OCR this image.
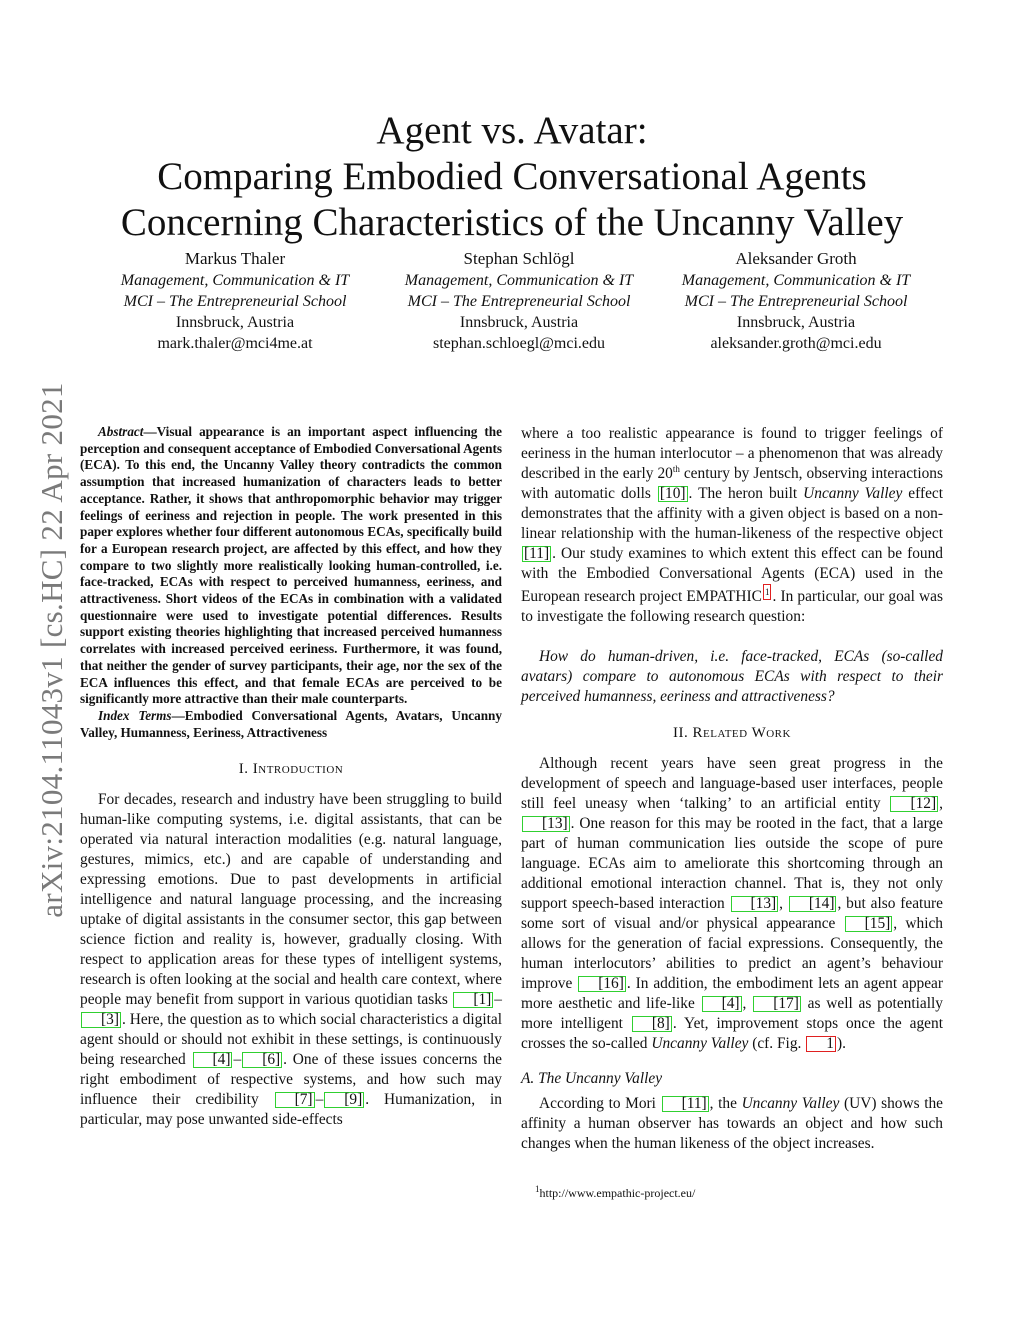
arXiv:2104.11043v1 [cs.HC] 22 Apr 2021
Agent vs. Avatar:
Comparing Embodied Conversational Agents
Concerning Characteristics of the Uncanny Valley
Markus Thaler
Management, Communication & IT
MCI – The Entrepreneurial School
Innsbruck, Austria
mark.thaler@mci4me.at
Stephan Schlögl
Management, Communication & IT
MCI – The Entrepreneurial School
Innsbruck, Austria
stephan.schloegl@mci.edu
Aleksander Groth
Management, Communication & IT
MCI – The Entrepreneurial School
Innsbruck, Austria
aleksander.groth@mci.edu

Abstract—Visual appearance is an important aspect influencing the perception and consequent acceptance of Embodied Conversational Agents (ECA). To this end, the Uncanny Valley theory contradicts the common assumption that increased humanization of characters leads to better acceptance. Rather, it shows that anthropomorphic behavior may trigger feelings of eeriness and rejection in people. The work presented in this paper explores whether four different autonomous ECAs, specifically build for a European research project, are affected by this effect, and how they compare to two slightly more realistically looking human-controlled, i.e. face-tracked, ECAs with respect to perceived humanness, eeriness, and attractiveness. Short videos of the ECAs in combination with a validated questionnaire were used to investigate potential differences. Results support existing theories highlighting that increased perceived humanness correlates with increased perceived eeriness. Furthermore, it was found, that neither the gender of survey participants, their age, nor the sex of the ECA influences this effect, and that female ECAs are perceived to be significantly more attractive than their male counterparts.

Index Terms—Embodied Conversational Agents, Avatars, Uncanny Valley, Humanness, Eeriness, Attractiveness

I. Introduction

For decades, research and industry have been struggling to build human-like computing systems, i.e. digital assistants, that can be operated via natural interaction modalities (e.g. natural language, gestures, mimics, etc.) and are capable of understanding and expressing emotions. Due to past developments in artificial intelligence and natural language processing, and the increasing uptake of digital assistants in the consumer sector, this gap between science fiction and reality is, however, gradually closing. With respect to application areas for these types of intelligent systems, research is often looking at the social and health care context, where people may benefit from support in various quotidian tasks [1] –[3] . Here, the question as to which social characteristics a digital agent should or should not exhibit in these settings, is continuously being researched [4] – [6] . One of these issues concerns the right embodiment of respective systems, and how such may influence their credibility [7] – [9] . Humanization, in particular, may pose unwanted side-effects

where a too realistic appearance is found to trigger feelings of eeriness in the human interlocutor – a phenomenon that was already described in the early 20th century by Jentsch, observing interactions with automatic dolls [10] . The heron built Uncanny Valley effect demonstrates that the affinity with a given object is based on a non-linear relationship with the human-likeness of the respective object [11] . Our study examines to which extent this effect can be found with the Embodied Conversational Agents (ECA) used in the European research project EMPATHIC $^1$ . In particular, our goal was to investigate the following research question:

How do human-driven, i.e. face-tracked, ECAs (so-called avatars) compare to autonomous ECAs with respect to their perceived humanness, eeriness and attractiveness?

II. Related Work

Although recent years have seen great progress in the development of speech and language-based user interfaces, people still feel uneasy when ‘talking’ to an artificial entity [12] , [13] . One reason for this may be rooted in the fact, that a large part of human communication lies outside the scope of pure language. ECAs aim to ameliorate this shortcoming through an additional emotional interaction channel. That is, they not only support speech-based interaction [13] , [14] , but also feature some sort of visual and/or physical appearance [15] , which allows for the generation of facial expressions. Consequently, the human interlocutors’ abilities to predict an agent’s behaviour improve [16] . In addition, the embodiment lets an agent appear more aesthetic and life-like [4] , [17] as well as potentially more intelligent [8] . Yet, improvement stops once the agent crosses the so-called Uncanny Valley (cf. Fig. 1 ).

A. The Uncanny Valley

According to Mori [11] , the Uncanny Valley (UV) shows the affinity a human observer has towards an object and how such changes when the human likeness of the object increases.

$^1$http://www.empathic-project.eu/
